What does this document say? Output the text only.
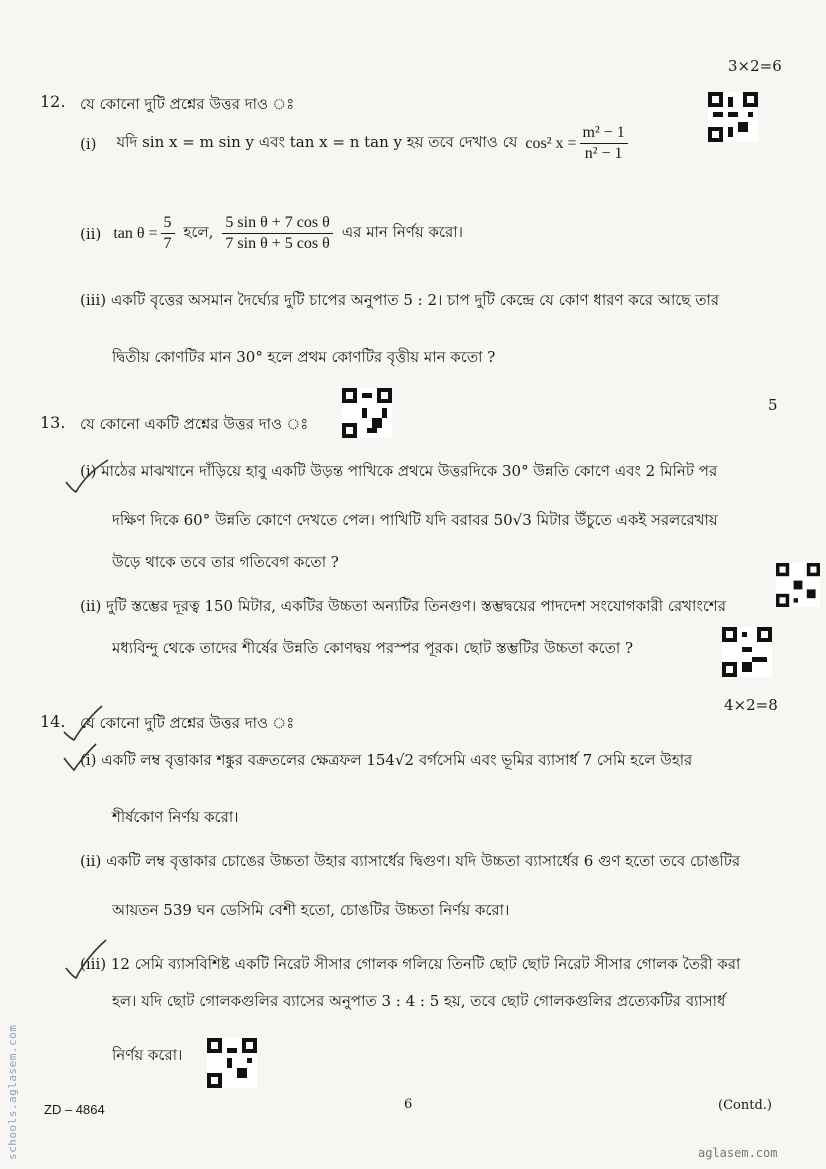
12. যে কোনো দুটি প্রশ্নের উত্তর দাও ঃ
3×2=6
(i) যদি sin x = m sin y এবং tan x = n tan y হয় তবে দেখাও যে cos² $x = \frac{\text{m² − 1}}{\text{n² − 1}}$
(ii) $\tan \theta = \frac{5}{7}$ হলে, $\frac{\text{5 sin θ + 7 cos θ}}{\text{7 sin θ + 5 cos θ}}$ এর মান নির্ণয় করো।
(iii) একটি বৃত্তের অসমান দৈর্ঘ্যের দুটি চাপের অনুপাত 5 : 2। চাপ দুটি কেন্দ্রে যে কোণ ধারণ করে আছে তার
দ্বিতীয় কোণটির মান 30° হলে প্রথম কোণটির বৃত্তীয় মান কতো ?
13. যে কোনো একটি প্রশ্নের উত্তর দাও ঃ
5
(i) মাঠের মাঝখানে দাঁড়িয়ে হাবু একটি উড়ন্ত পাখিকে প্রথমে উত্তরদিকে 30° উন্নতি কোণে এবং 2 মিনিট পর
দক্ষিণ দিকে 60° উন্নতি কোণে দেখতে পেল। পাখিটি যদি বরাবর 50√3 মিটার উঁচুতে একই সরলরেখায়
উড়ে থাকে তবে তার গতিবেগ কতো ?
(ii) দুটি স্তম্ভের দূরত্ব 150 মিটার, একটির উচ্চতা অন্যটির তিনগুণ। স্তম্ভদ্বয়ের পাদদেশ সংযোগকারী রেখাংশের
মধ্যবিন্দু থেকে তাদের শীর্ষের উন্নতি কোণদ্বয় পরস্পর পূরক। ছোট স্তম্ভটির উচ্চতা কতো ?
4×2=8
14. যে কোনো দুটি প্রশ্নের উত্তর দাও ঃ
(i) একটি লম্ব বৃত্তাকার শঙ্কুর বক্রতলের ক্ষেত্রফল 154√2 বর্গসেমি এবং ভূমির ব্যাসার্ধ 7 সেমি হলে উহার
শীর্ষকোণ নির্ণয় করো।
(ii) একটি লম্ব বৃত্তাকার চোঙের উচ্চতা উহার ব্যাসার্ধের দ্বিগুণ। যদি উচ্চতা ব্যাসার্ধের 6 গুণ হতো তবে চোঙটির
আয়তন 539 ঘন ডেসিমি বেশী হতো, চোঙটির উচ্চতা নির্ণয় করো।
(iii) 12 সেমি ব্যাসবিশিষ্ট একটি নিরেট সীসার গোলক গলিয়ে তিনটি ছোট ছোট নিরেট সীসার গোলক তৈরী করা
হল। যদি ছোট গোলকগুলির ব্যাসের অনুপাত 3 : 4 : 5 হয়, তবে ছোট গোলকগুলির প্রত্যেকটির ব্যাসার্ধ
নির্ণয় করো।
ZD – 4864	6	(Contd.)
aglasem.com
schools.aglasem.com
